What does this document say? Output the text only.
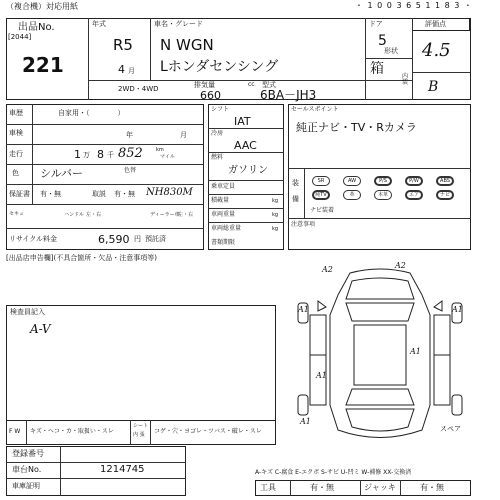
（複合機）対応用紙	・ 1 0 0 3 6 5 1 1 8 3 ・
評価点
出品No.
[2044]
221
年式
R5
4 月
車名・グレード
N WGN
Lホンダセンシング
ドア
5
形状
箱
4.5
内装 B
2WD・4WD	排気量
660
cc 型式
6BA－JH3
車歴	自家用・（　　　　）
車検	年	月
走行	1 万 8 千 852	km
マイル
色 シルバー	色替
NH830M
保証書 有・無	取説 有・無
セキュ	ハンドル 左・右	ディーラー車
左・右
リサイクル料金	6,590 円 預託済
シフト
IAT
冷房
AAC
燃料
ガソリン
乗車定員
積載量	kg
車両重量	kg
車両総重量	kg
書類期限
セールスポイント
純正ナビ・TV・Rカメラ
装
備
SR	AW	P/S	P/W	ABS
純TV	革	本革	エア	ナビ
ナビ装着
注意事項
[出品店申告欄](不具合箇所・欠品・注意事項等)
検査員記入
A-V
F W キズ・ヘコ・カ・取扱い・スレ
シート
内 張 コゲ・穴・ヨゴレ・ツバス・破レ・スレ
A2	A2
A1	A1
A1
A1
A1
スペア
登録番号
車台No.	1214745
車庫証明
A-キズ C-腐食 E-エクボ S-サビ U-凹ミ W-補修 XX-交換済
工具	有・無	ジャッキ	有・無
